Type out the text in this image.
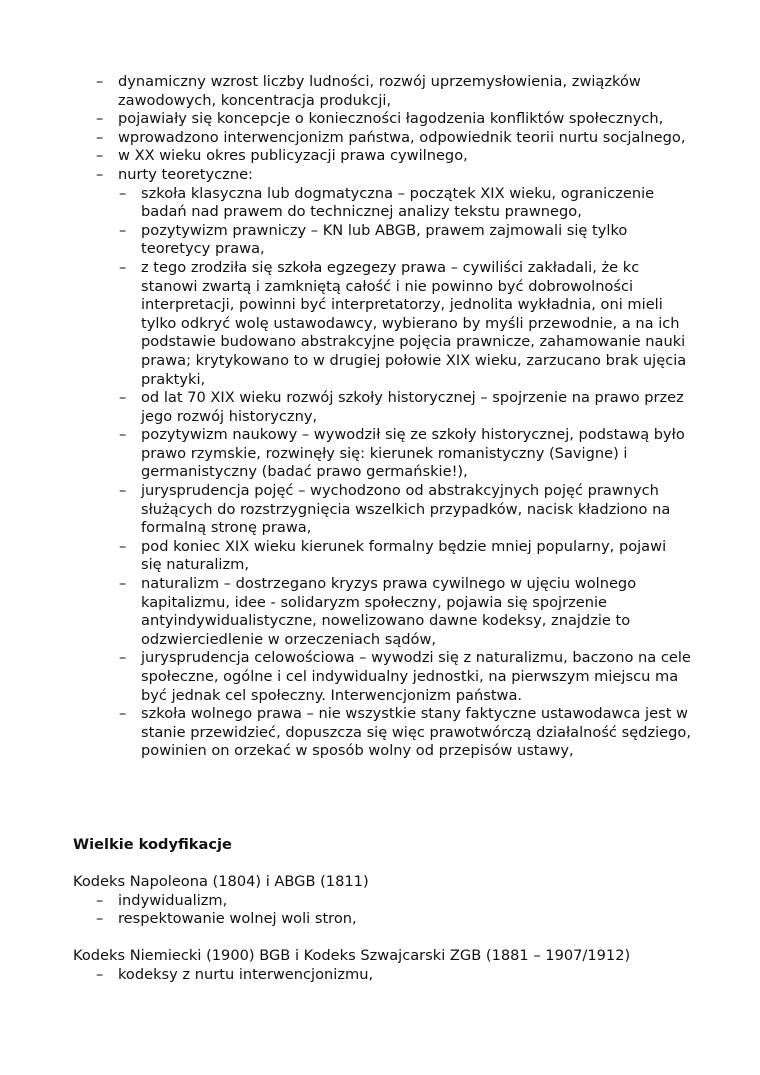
– dynamiczny wzrost liczby ludności, rozwój uprzemysłowienia, związków zawodowych, koncentracja produkcji,
– pojawiały się koncepcje o konieczności łagodzenia konfliktów społecznych,
– wprowadzono interwencjonizm państwa, odpowiednik teorii nurtu socjalnego,
– w XX wieku okres publicyzacji prawa cywilnego,
– nurty teoretyczne:
– szkoła klasyczna lub dogmatyczna – początek XIX wieku, ograniczenie badań nad prawem do technicznej analizy tekstu prawnego,
– pozytywizm prawniczy – KN lub ABGB, prawem zajmowali się tylko teoretycy prawa,
– z tego zrodziła się szkoła egzegezy prawa – cywiliści zakładali, że kc stanowi zwartą i zamkniętą całość i nie powinno być dobrowolności interpretacji, powinni być interpretatorzy, jednolita wykładnia, oni mieli tylko odkryć wolę ustawodawcy, wybierano by myśli przewodnie, a na ich podstawie budowano abstrakcyjne pojęcia prawnicze, zahamowanie nauki prawa; krytykowano to w drugiej połowie XIX wieku, zarzucano brak ujęcia praktyki,
– od lat 70 XIX wieku rozwój szkoły historycznej – spojrzenie na prawo przez jego rozwój historyczny,
– pozytywizm naukowy – wywodził się ze szkoły historycznej, podstawą było prawo rzymskie, rozwinęły się: kierunek romanistyczny (Savigne) i germanistyczny (badać prawo germańskie!),
– jurysprudencja pojęć – wychodzono od abstrakcyjnych pojęć prawnych służących do rozstrzygnięcia wszelkich przypadków, nacisk kładziono na formalną stronę prawa,
– pod koniec XIX wieku kierunek formalny będzie mniej popularny, pojawi się naturalizm,
– naturalizm – dostrzegano kryzys prawa cywilnego w ujęciu wolnego kapitalizmu, idee - solidaryzm społeczny, pojawia się spojrzenie antyindywidualistyczne, nowelizowano dawne kodeksy, znajdzie to odzwierciedlenie w orzeczeniach sądów,
– jurysprudencja celowościowa – wywodzi się z naturalizmu, baczono na cele społeczne, ogólne i cel indywidualny jednostki, na pierwszym miejscu ma być jednak cel społeczny. Interwencjonizm państwa.
– szkoła wolnego prawa – nie wszystkie stany faktyczne ustawodawca jest w stanie przewidzieć, dopuszcza się więc prawotwórczą działalność sędziego, powinien on orzekać w sposób wolny od przepisów ustawy,
Wielkie kodyfikacje
Kodeks Napoleona (1804) i ABGB (1811)
– indywidualizm,
– respektowanie wolnej woli stron,
Kodeks Niemiecki (1900) BGB i Kodeks Szwajcarski ZGB (1881 – 1907/1912)
– kodeksy z nurtu interwencjonizmu,
